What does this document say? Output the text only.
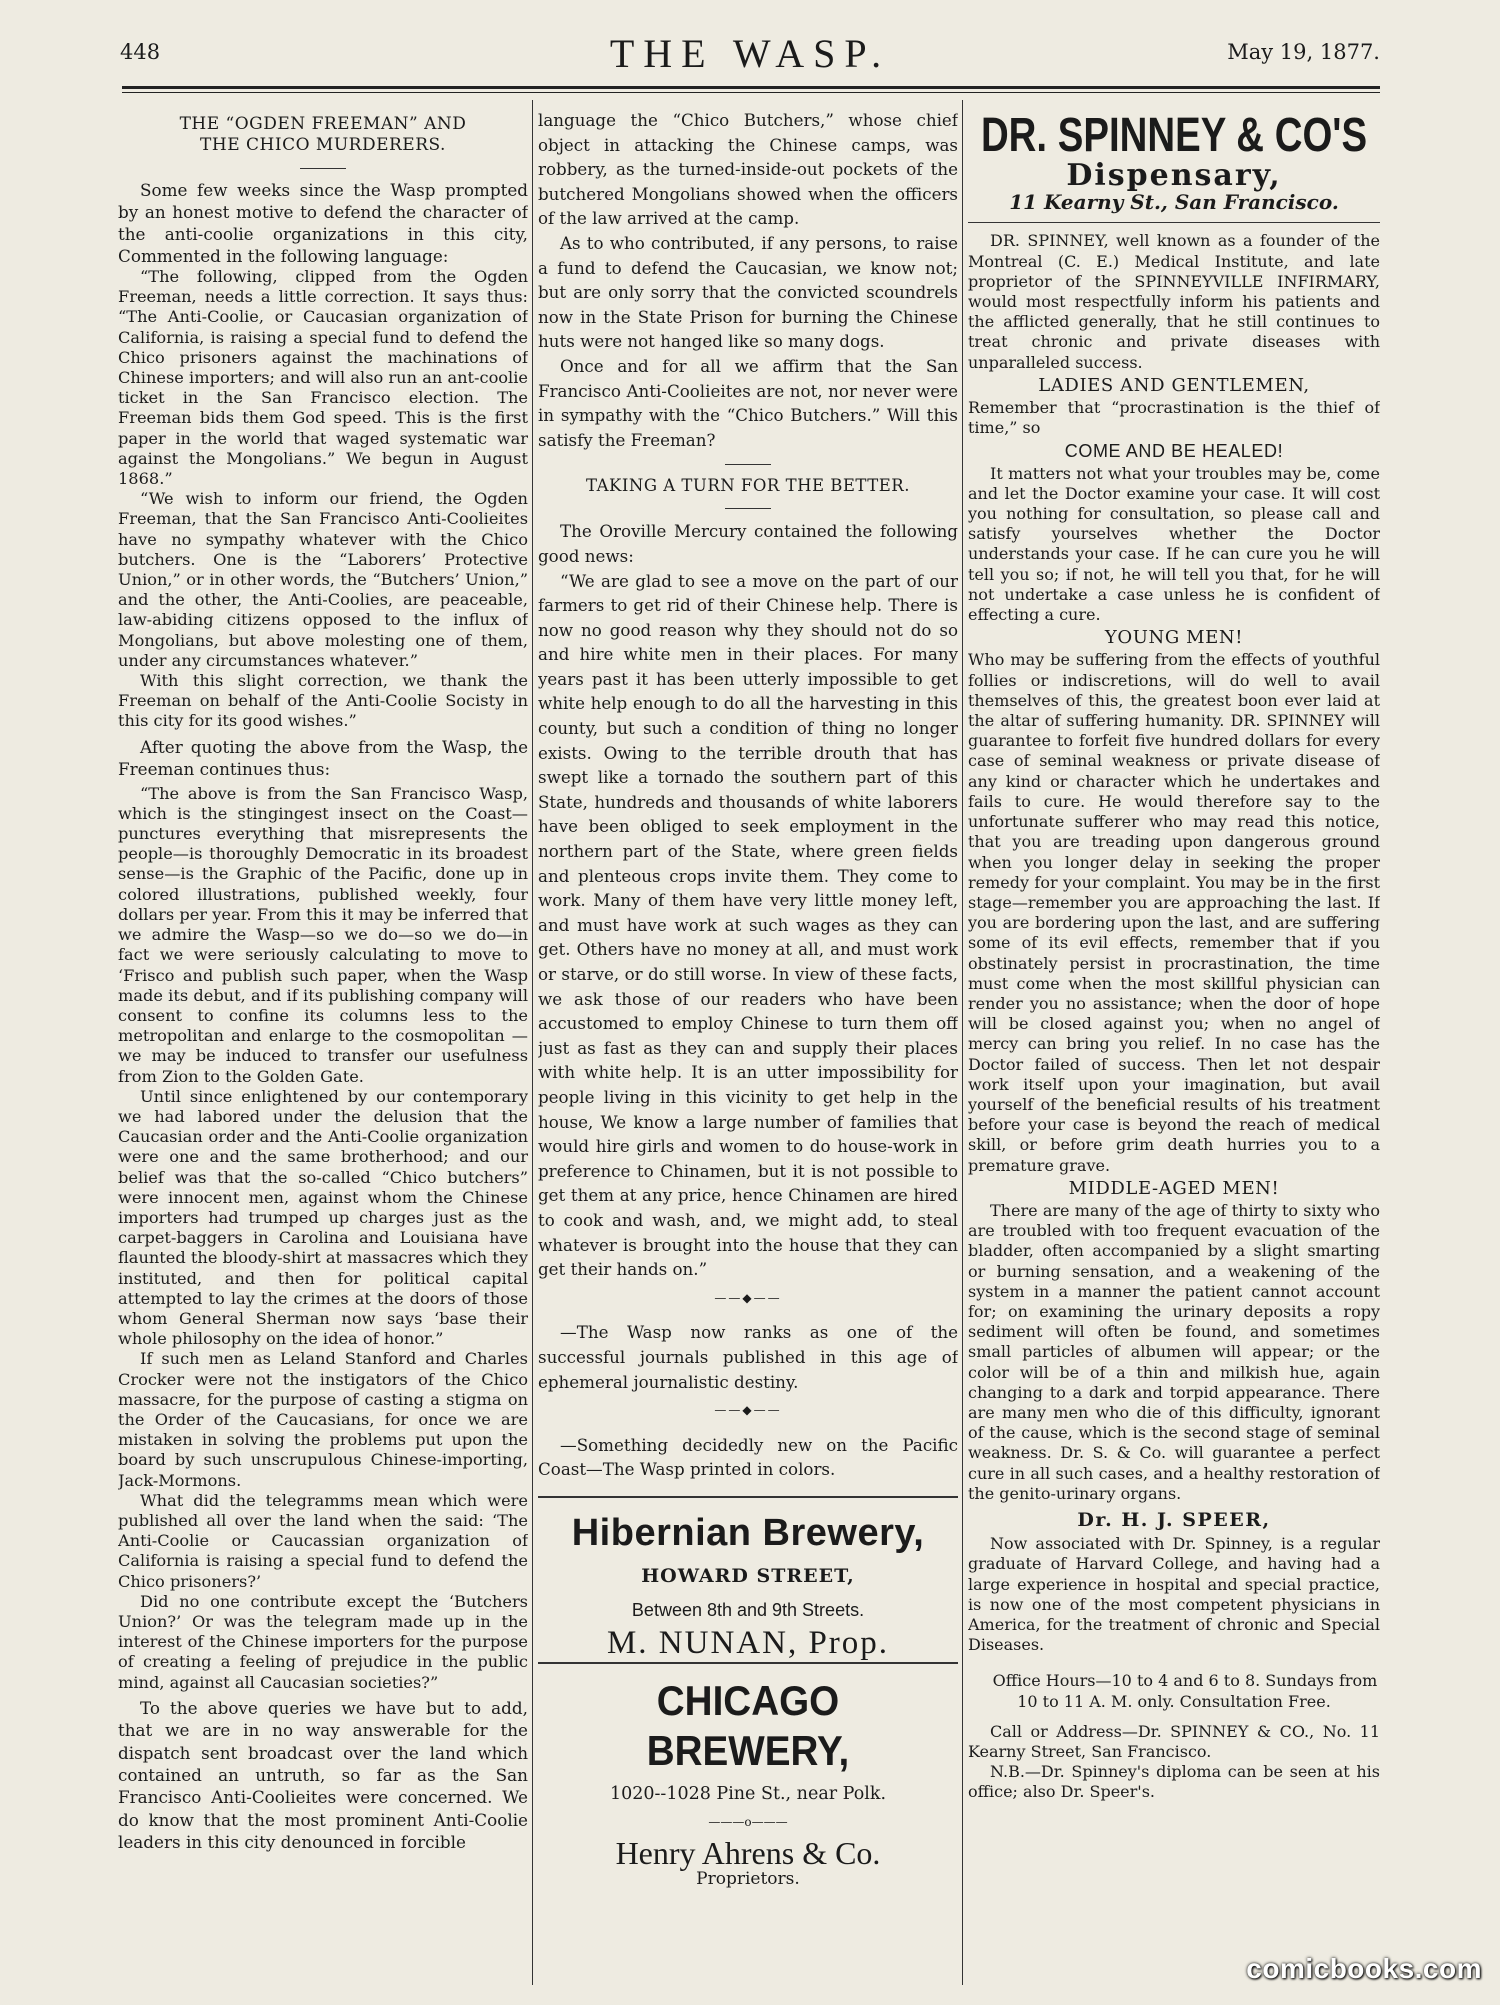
448	THE WASP.	May 19, 1877.
THE “OGDEN FREEMAN” AND
THE CHICO MURDERERS.

Some few weeks since the Wasp prompted by an honest motive to defend the character of the anti-coolie organizations in this city, Commented in the following language:

“The following, clipped from the Ogden Freeman, needs a little correction. It says thus: “The Anti-Coolie, or Caucasian organization of California, is raising a special fund to defend the Chico prisoners against the machinations of Chinese importers; and will also run an ant-coolie ticket in the San Francisco election. The Freeman bids them God speed. This is the first paper in the world that waged systematic war against the Mongolians.” We begun in August 1868.”

“We wish to inform our friend, the Ogden Freeman, that the San Francisco Anti-Coolieites have no sympathy whatever with the Chico butchers. One is the “Laborers’ Protective Union,” or in other words, the “Butchers’ Union,” and the other, the Anti-Coolies, are peaceable, law-abiding citizens opposed to the influx of Mongolians, but above molesting one of them, under any circumstances whatever.”

With this slight correction, we thank the Freeman on behalf of the Anti-Coolie Socisty in this city for its good wishes.”

After quoting the above from the Wasp, the Freeman continues thus:

“The above is from the San Francisco Wasp, which is the stingingest insect on the Coast—punctures everything that misrepresents the people—is thoroughly Democratic in its broadest sense—is the Graphic of the Pacific, done up in colored illustrations, published weekly, four dollars per year. From this it may be inferred that we admire the Wasp—so we do—so we do—in fact we were seriously calculating to move to ‘Frisco and publish such paper, when the Wasp made its debut, and if its publishing company will consent to confine its columns less to the metropolitan and enlarge to the cosmopolitan —we may be induced to transfer our usefulness from Zion to the Golden Gate.

Until since enlightened by our contemporary we had labored under the delusion that the Caucasian order and the Anti-Coolie organization were one and the same brotherhood; and our belief was that the so-called “Chico butchers” were innocent men, against whom the Chinese importers had trumped up charges just as the carpet-baggers in Carolina and Louisiana have flaunted the bloody-shirt at massacres which they instituted, and then for political capital attempted to lay the crimes at the doors of those whom General Sherman now says ‘base their whole philosophy on the idea of honor.”

If such men as Leland Stanford and Charles Crocker were not the instigators of the Chico massacre, for the purpose of casting a stigma on the Order of the Caucasians, for once we are mistaken in solving the problems put upon the board by such unscrupulous Chinese-importing, Jack-Mormons.

What did the telegramms mean which were published all over the land when the said: ‘The Anti-Coolie or Caucassian organization of California is raising a special fund to defend the Chico prisoners?’

Did no one contribute except the ‘Butchers Union?’ Or was the telegram made up in the interest of the Chinese importers for the purpose of creating a feeling of prejudice in the public mind, against all Caucasian societies?”

To the above queries we have but to add, that we are in no way answerable for the dispatch sent broadcast over the land which contained an untruth, so far as the San Francisco Anti-Coolieites were concerned. We do know that the most prominent Anti-Coolie leaders in this city denounced in forcible

language the “Chico Butchers,” whose chief object in attacking the Chinese camps, was robbery, as the turned-inside-out pockets of the butchered Mongolians showed when the officers of the law arrived at the camp.

As to who contributed, if any persons, to raise a fund to defend the Caucasian, we know not; but are only sorry that the convicted scoundrels now in the State Prison for burning the Chinese huts were not hanged like so many dogs.

Once and for all we affirm that the San Francisco Anti-Coolieites are not, nor never were in sympathy with the “Chico Butchers.” Will this satisfy the Freeman?

TAKING A TURN FOR THE BETTER.

The Oroville Mercury contained the following good news:

“We are glad to see a move on the part of our farmers to get rid of their Chinese help. There is now no good reason why they should not do so and hire white men in their places. For many years past it has been utterly impossible to get white help enough to do all the harvesting in this county, but such a condition of thing no longer exists. Owing to the terrible drouth that has swept like a tornado the southern part of this State, hundreds and thousands of white laborers have been obliged to seek employment in the northern part of the State, where green fields and plenteous crops invite them. They come to work. Many of them have very little money left, and must have work at such wages as they can get. Others have no money at all, and must work or starve, or do still worse. In view of these facts, we ask those of our readers who have been accustomed to employ Chinese to turn them off just as fast as they can and supply their places with white help. It is an utter impossibility for people living in this vicinity to get help in the house, We know a large number of families that would hire girls and women to do house-work in preference to Chinamen, but it is not possible to get them at any price, hence Chinamen are hired to cook and wash, and, we might add, to steal whatever is brought into the house that they can get their hands on.”

——◆——

—The Wasp now ranks as one of the successful journals published in this age of ephemeral journalistic destiny.

——◆——

—Something decidedly new on the Pacific Coast—The Wasp printed in colors.

Hibernian Brewery,
HOWARD STREET,
Between 8th and 9th Streets.
M. NUNAN, Prop.
CHICAGO BREWERY,
1020--1028 Pine St., near Polk.
———o———
Henry Ahrens & Co.
Proprietors.
DR. SPINNEY & CO'S
Dispensary,
11 Kearny St., San Francisco.

DR. SPINNEY, well known as a founder of the Montreal (C. E.) Medical Institute, and late proprietor of the SPINNEYVILLE INFIRMARY, would most respectfully inform his patients and the afflicted generally, that he still continues to treat chronic and private diseases with unparalleled success.

LADIES AND GENTLEMEN,

Remember that “procrastination is the thief of time,” so

COME AND BE HEALED!

It matters not what your troubles may be, come and let the Doctor examine your case. It will cost you nothing for consultation, so please call and satisfy yourselves whether the Doctor understands your case. If he can cure you he will tell you so; if not, he will tell you that, for he will not undertake a case unless he is confident of effecting a cure.

YOUNG MEN!

Who may be suffering from the effects of youthful follies or indiscretions, will do well to avail themselves of this, the greatest boon ever laid at the altar of suffering humanity. DR. SPINNEY will guarantee to forfeit five hundred dollars for every case of seminal weakness or private disease of any kind or character which he undertakes and fails to cure. He would therefore say to the unfortunate sufferer who may read this notice, that you are treading upon dangerous ground when you longer delay in seeking the proper remedy for your complaint. You may be in the first stage—remember you are approaching the last. If you are bordering upon the last, and are suffering some of its evil effects, remember that if you obstinately persist in procrastination, the time must come when the most skillful physician can render you no assistance; when the door of hope will be closed against you; when no angel of mercy can bring you relief. In no case has the Doctor failed of success. Then let not despair work itself upon your imagination, but avail yourself of the beneficial results of his treatment before your case is beyond the reach of medical skill, or before grim death hurries you to a premature grave.

MIDDLE-AGED MEN!

There are many of the age of thirty to sixty who are troubled with too frequent evacuation of the bladder, often accompanied by a slight smarting or burning sensation, and a weakening of the system in a manner the patient cannot account for; on examining the urinary deposits a ropy sediment will often be found, and sometimes small particles of albumen will appear; or the color will be of a thin and milkish hue, again changing to a dark and torpid appearance. There are many men who die of this difficulty, ignorant of the cause, which is the second stage of seminal weakness. Dr. S. & Co. will guarantee a perfect cure in all such cases, and a healthy restoration of the genito-urinary organs.

Dr. H. J. SPEER,

Now associated with Dr. Spinney, is a regular graduate of Harvard College, and having had a large experience in hospital and special practice, is now one of the most competent physicians in America, for the treatment of chronic and Special Diseases.

Office Hours—10 to 4 and 6 to 8. Sundays from 10 to 11 A. M. only. Consultation Free.

Call or Address—Dr. SPINNEY & CO., No. 11 Kearny Street, San Francisco.

N.B.—Dr. Spinney's diploma can be seen at his office; also Dr. Speer's.

comicbooks.com
